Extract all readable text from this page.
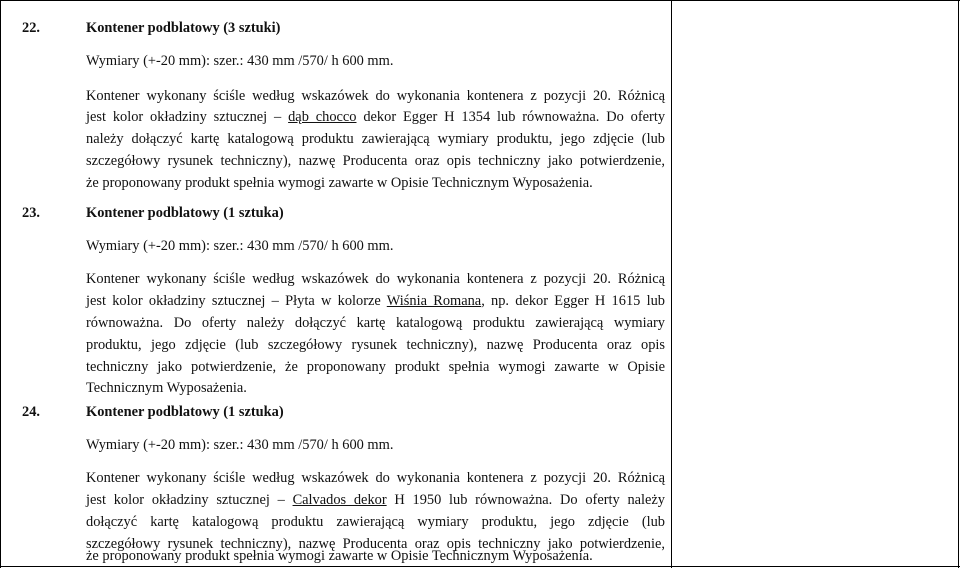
22.	Kontener podblatowy (3 sztuki)
Wymiary (+-20 mm): szer.: 430 mm /570/ h 600 mm.
Kontener wykonany ściśle według wskazówek do wykonania kontenera z pozycji 20. Różnicą
jest kolor okładziny sztucznej – dąb chocco dekor Egger H 1354 lub równoważna. Do oferty
należy dołączyć kartę katalogową produktu zawierającą wymiary produktu, jego zdjęcie (lub
szczegółowy rysunek techniczny), nazwę Producenta oraz opis techniczny jako potwierdzenie,
że proponowany produkt spełnia wymogi zawarte w Opisie Technicznym Wyposażenia.
23.	Kontener podblatowy (1 sztuka)
Wymiary (+-20 mm): szer.: 430 mm /570/ h 600 mm.
Kontener wykonany ściśle według wskazówek do wykonania kontenera z pozycji 20. Różnicą
jest kolor okładziny sztucznej – Płyta w kolorze Wiśnia Romana, np. dekor Egger H 1615 lub
równoważna. Do oferty należy dołączyć kartę katalogową produktu zawierającą wymiary
produktu, jego zdjęcie (lub szczegółowy rysunek techniczny), nazwę Producenta oraz opis
techniczny jako potwierdzenie, że proponowany produkt spełnia wymogi zawarte w Opisie
Technicznym Wyposażenia.
24.	Kontener podblatowy (1 sztuka)
Wymiary (+-20 mm): szer.: 430 mm /570/ h 600 mm.
Kontener wykonany ściśle według wskazówek do wykonania kontenera z pozycji 20. Różnicą
jest kolor okładziny sztucznej – Calvados dekor H 1950 lub równoważna. Do oferty należy
dołączyć kartę katalogową produktu zawierającą wymiary produktu, jego zdjęcie (lub
szczegółowy rysunek techniczny), nazwę Producenta oraz opis techniczny jako potwierdzenie,
że proponowany produkt spełnia wymogi zawarte w Opisie Technicznym Wyposażenia.
